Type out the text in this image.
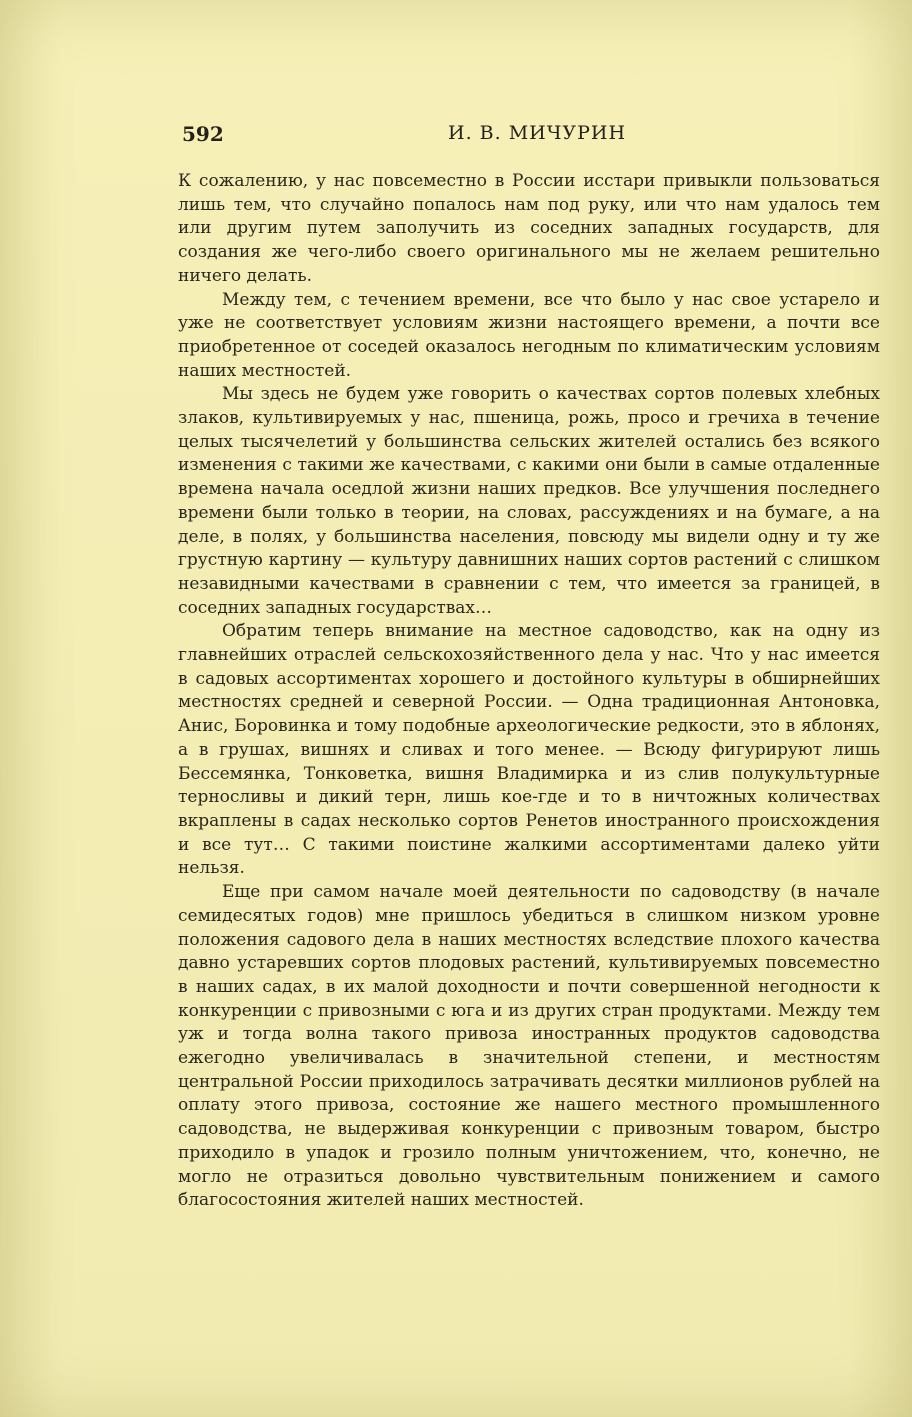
592	И. В. МИЧУРИН

К сожалению, у нас повсеместно в России исстари привыкли пользоваться лишь тем, что случайно попалось нам под руку, или что нам удалось тем или другим путем заполучить из соседних западных государств, для создания же чего-либо своего оригинального мы не желаем решительно ничего делать.

Между тем, с течением времени, все что было у нас свое устарело и уже не соответствует условиям жизни настоящего времени, а почти все приобретенное от соседей оказалось негодным по климатическим условиям наших местностей.

Мы здесь не будем уже говорить о качествах сортов полевых хлебных злаков, культивируемых у нас, пшеница, рожь, просо и гречиха в течение целых тысячелетий у большинства сельских жителей остались без всякого изменения с такими же качествами, с какими они были в самые отдаленные времена начала оседлой жизни наших предков. Все улучшения последнего времени были только в теории, на словах, рассуждениях и на бумаге, а на деле, в полях, у большинства населения, повсюду мы видели одну и ту же грустную картину — культуру давнишних наших сортов растений с слишком незавидными качествами в сравнении с тем, что имеется за границей, в соседних западных государствах…

Обратим теперь внимание на местное садоводство, как на одну из главнейших отраслей сельскохозяйственного дела у нас. Что у нас имеется в садовых ассортиментах хорошего и достойного культуры в обширнейших местностях средней и северной России. — Одна традиционная Антоновка, Анис, Боровинка и тому подобные археологические редкости, это в яблонях, а в грушах, вишнях и сливах и того менее. — Всюду фигурируют лишь Бессемянка, Тонковетка, вишня Владимирка и из слив полукультурные терносливы и дикий терн, лишь кое-где и то в ничтожных количествах вкраплены в садах несколько сортов Ренетов иностранного происхождения и все тут… С такими поистине жалкими ассортиментами далеко уйти нельзя.

Еще при самом начале моей деятельности по садоводству (в начале семидесятых годов) мне пришлось убедиться в слишком низком уровне положения садового дела в наших местностях вследствие плохого качества давно устаревших сортов плодовых растений, культивируемых повсеместно в наших садах, в их малой доходности и почти совершенной негодности к конкуренции с привозными с юга и из других стран продуктами. Между тем уж и тогда волна такого привоза иностранных продуктов садоводства ежегодно увеличивалась в значительной степени, и местностям центральной России приходилось затрачивать десятки миллионов рублей на оплату этого привоза, состояние же нашего местного промышленного садоводства, не выдерживая конкуренции с привозным товаром, быстро приходило в упадок и грозило полным уничтожением, что, конечно, не могло не отразиться довольно чувствительным понижением и самого благосостояния жителей наших местностей.
